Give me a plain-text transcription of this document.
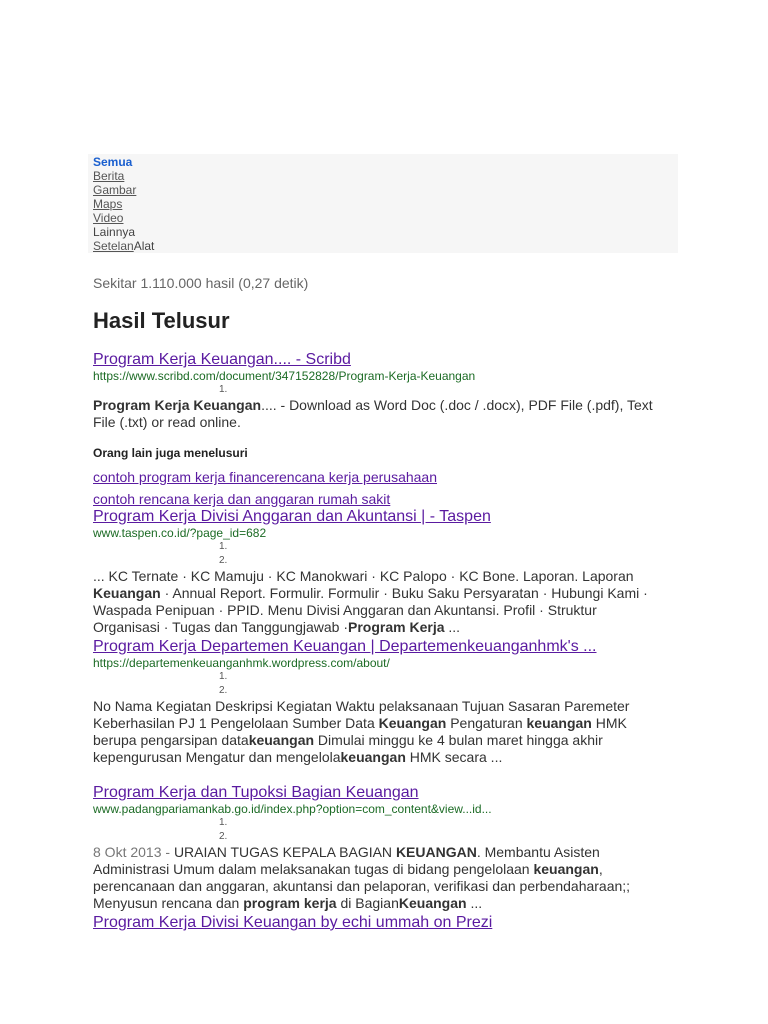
Semua
Berita
Gambar
Maps
Video
Lainnya
SetelanAlat
Sekitar 1.110.000 hasil (0,27 detik)
Hasil Telusur
Program Kerja Keuangan.... - Scribd
https://www.scribd.com/document/347152828/Program-Kerja-Keuangan
1.
Program Kerja Keuangan.... - Download as Word Doc (.doc / .docx), PDF File (.pdf), Text File (.txt) or read online.
Orang lain juga menelusuri
contoh program kerja financerencana kerja perusahaan
contoh rencana kerja dan anggaran rumah sakit
Program Kerja Divisi Anggaran dan Akuntansi | - Taspen
www.taspen.co.id/?page_id=682
1.
2.
... KC Ternate · KC Mamuju · KC Manokwari · KC Palopo · KC Bone. Laporan. Laporan Keuangan · Annual Report. Formulir. Formulir · Buku Saku Persyaratan · Hubungi Kami · Waspada Penipuan · PPID. Menu Divisi Anggaran dan Akuntansi. Profil · Struktur Organisasi · Tugas dan Tanggungjawab ·Program Kerja ...
Program Kerja Departemen Keuangan | Departemenkeuanganhmk's ...
https://departemenkeuanganhmk.wordpress.com/about/
1.
2.
No Nama Kegiatan Deskripsi Kegiatan Waktu pelaksanaan Tujuan Sasaran Paremeter Keberhasilan PJ 1 Pengelolaan Sumber Data Keuangan Pengaturan keuangan HMK berupa pengarsipan datakeuangan Dimulai minggu ke 4 bulan maret hingga akhir kepengurusan Mengatur dan mengelolakeuangan HMK secara ...
Program Kerja dan Tupoksi Bagian Keuangan
www.padangpariamankab.go.id/index.php?option=com_content&view...id...
1.
2.
8 Okt 2013 - URAIAN TUGAS KEPALA BAGIAN KEUANGAN. Membantu Asisten Administrasi Umum dalam melaksanakan tugas di bidang pengelolaan keuangan, perencanaan dan anggaran, akuntansi dan pelaporan, verifikasi dan perbendaharaan;; Menyusun rencana dan program kerja di BagianKeuangan ...
Program Kerja Divisi Keuangan by echi ummah on Prezi
